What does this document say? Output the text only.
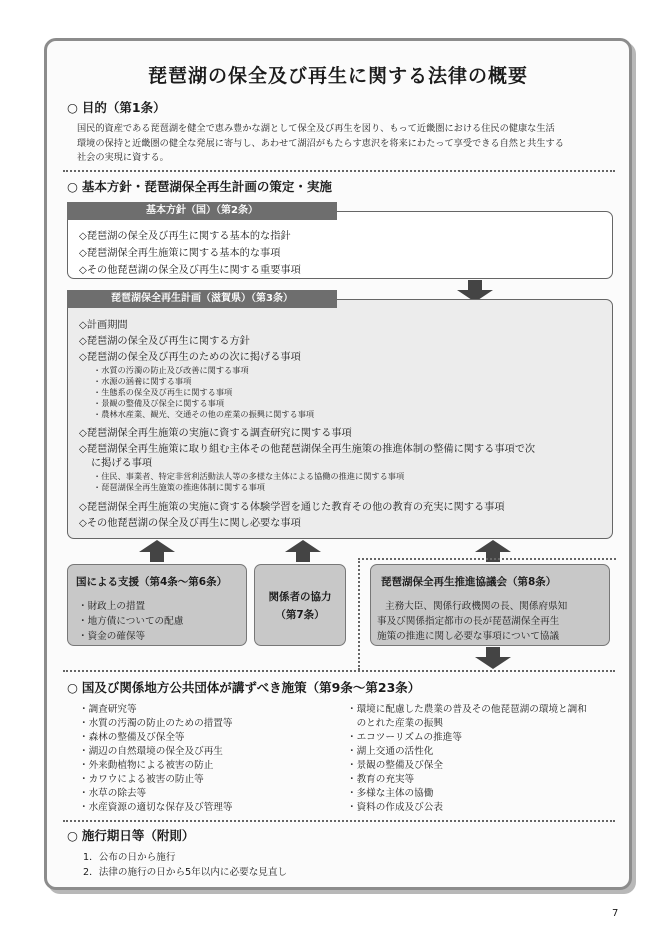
琵琶湖の保全及び再生に関する法律の概要
○ 目的（第1条）
国民的資産である琵琶湖を健全で恵み豊かな湖として保全及び再生を図り、もって近畿圏における住民の健康な生活
環境の保持と近畿圏の健全な発展に寄与し、あわせて湖沼がもたらす恵沢を将来にわたって享受できる自然と共生する
社会の実現に資する。
○ 基本方針・琵琶湖保全再生計画の策定・実施
基本方針（国）（第2条）
◇琵琶湖の保全及び再生に関する基本的な指針
◇琵琶湖保全再生施策に関する基本的な事項
◇その他琵琶湖の保全及び再生に関する重要事項
琵琶湖保全再生計画（滋賀県）（第3条）
◇計画期間
◇琵琶湖の保全及び再生に関する方針
◇琵琶湖の保全及び再生のための次に掲げる事項
・水質の汚濁の防止及び改善に関する事項
・水源の涵養に関する事項
・生態系の保全及び再生に関する事項
・景観の整備及び保全に関する事項
・農林水産業、観光、交通その他の産業の振興に関する事項
◇琵琶湖保全再生施策の実施に資する調査研究に関する事項
◇琵琶湖保全再生施策に取り組む主体その他琵琶湖保全再生施策の推進体制の整備に関する事項で次
に掲げる事項
・住民、事業者、特定非営利活動法人等の多様な主体による協働の推進に関する事項
・琵琶湖保全再生施策の推進体制に関する事項
◇琵琶湖保全再生施策の実施に資する体験学習を通じた教育その他の教育の充実に関する事項
◇その他琵琶湖の保全及び再生に関し必要な事項
国による支援（第4条〜第6条）
・財政上の措置
・地方債についての配慮
・資金の確保等
関係者の協力
（第7条）
琵琶湖保全再生推進協議会（第8条）
主務大臣、関係行政機関の長、関係府県知
事及び関係指定都市の長が琵琶湖保全再生
施策の推進に関し必要な事項について協議
○ 国及び関係地方公共団体が講ずべき施策（第9条〜第23条）
・調査研究等
・水質の汚濁の防止のための措置等
・森林の整備及び保全等
・湖辺の自然環境の保全及び再生
・外来動植物による被害の防止
・カワウによる被害の防止等
・水草の除去等
・水産資源の適切な保存及び管理等
・環境に配慮した農業の普及その他琵琶湖の環境と調和
　のとれた産業の振興
・エコツーリズムの推進等
・湖上交通の活性化
・景観の整備及び保全
・教育の充実等
・多様な主体の協働
・資料の作成及び公表
○ 施行期日等（附則）
1．公布の日から施行
2．法律の施行の日から5年以内に必要な見直し
7
